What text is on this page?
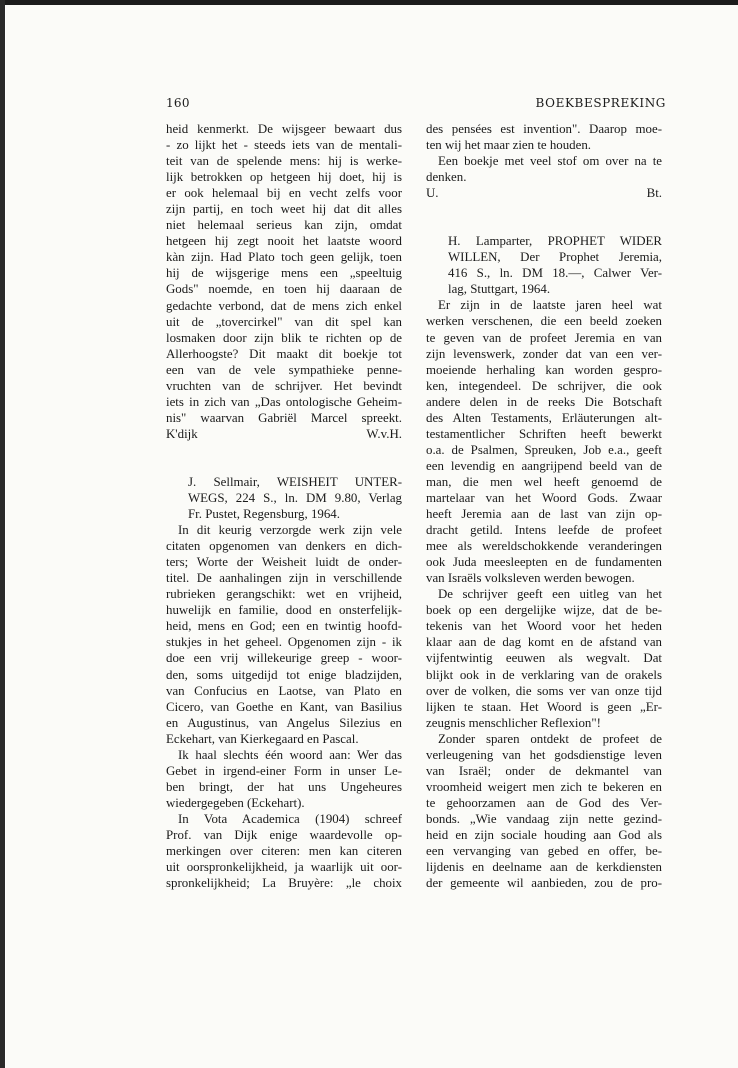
160	BOEKBESPREKING
heid kenmerkt. De wijsgeer bewaart dus
- zo lijkt het - steeds iets van de mentali-
teit van de spelende mens: hij is werke-
lijk betrokken op hetgeen hij doet, hij is
er ook helemaal bij en vecht zelfs voor
zijn partij, en toch weet hij dat dit alles
niet helemaal serieus kan zijn, omdat
hetgeen hij zegt nooit het laatste woord
kàn zijn. Had Plato toch geen gelijk, toen
hij de wijsgerige mens een „speeltuig
Gods" noemde, en toen hij daaraan de
gedachte verbond, dat de mens zich enkel
uit de „tovercirkel" van dit spel kan
losmaken door zijn blik te richten op de
Allerhoogste? Dit maakt dit boekje tot
een van de vele sympathieke penne-
vruchten van de schrijver. Het bevindt
iets in zich van „Das ontologische Geheim-
nis" waarvan Gabriël Marcel spreekt.
K'dijk	W.v.H.
J. Sellmair, WEISHEIT UNTER-
WEGS, 224 S., ln. DM 9.80, Verlag
Fr. Pustet, Regensburg, 1964.
In dit keurig verzorgde werk zijn vele
citaten opgenomen van denkers en dich-
ters; Worte der Weisheit luidt de onder-
titel. De aanhalingen zijn in verschillende
rubrieken gerangschikt: wet en vrijheid,
huwelijk en familie, dood en onsterfelijk-
heid, mens en God; een en twintig hoofd-
stukjes in het geheel. Opgenomen zijn - ik
doe een vrij willekeurige greep - woor-
den, soms uitgedijd tot enige bladzijden,
van Confucius en Laotse, van Plato en
Cicero, van Goethe en Kant, van Basilius
en Augustinus, van Angelus Silezius en
Eckehart, van Kierkegaard en Pascal.
Ik haal slechts één woord aan: Wer das
Gebet in irgend-einer Form in unser Le-
ben bringt, der hat uns Ungeheures
wiedergegeben (Eckehart).
In Vota Academica (1904) schreef
Prof. van Dijk enige waardevolle op-
merkingen over citeren: men kan citeren
uit oorspronkelijkheid, ja waarlijk uit oor-
spronkelijkheid; La Bruyère: „le choix
des pensées est invention". Daarop moe-
ten wij het maar zien te houden.
Een boekje met veel stof om over na te
denken.
U.	Bt.
H. Lamparter, PROPHET WIDER
WILLEN, Der Prophet Jeremia,
416 S., ln. DM 18.—, Calwer Ver-
lag, Stuttgart, 1964.
Er zijn in de laatste jaren heel wat
werken verschenen, die een beeld zoeken
te geven van de profeet Jeremia en van
zijn levenswerk, zonder dat van een ver-
moeiende herhaling kan worden gespro-
ken, integendeel. De schrijver, die ook
andere delen in de reeks Die Botschaft
des Alten Testaments, Erläuterungen alt-
testamentlicher Schriften heeft bewerkt
o.a. de Psalmen, Spreuken, Job e.a., geeft
een levendig en aangrijpend beeld van de
man, die men wel heeft genoemd de
martelaar van het Woord Gods. Zwaar
heeft Jeremia aan de last van zijn op-
dracht getild. Intens leefde de profeet
mee als wereldschokkende veranderingen
ook Juda meesleepten en de fundamenten
van Israëls volksleven werden bewogen.
De schrijver geeft een uitleg van het
boek op een dergelijke wijze, dat de be-
tekenis van het Woord voor het heden
klaar aan de dag komt en de afstand van
vijfentwintig eeuwen als wegvalt. Dat
blijkt ook in de verklaring van de orakels
over de volken, die soms ver van onze tijd
lijken te staan. Het Woord is geen „Er-
zeugnis menschlicher Reflexion"!
Zonder sparen ontdekt de profeet de
verleugening van het godsdienstige leven
van Israël; onder de dekmantel van
vroomheid weigert men zich te bekeren en
te gehoorzamen aan de God des Ver-
bonds. „Wie vandaag zijn nette gezind-
heid en zijn sociale houding aan God als
een vervanging van gebed en offer, be-
lijdenis en deelname aan de kerkdiensten
der gemeente wil aanbieden, zou de pro-
